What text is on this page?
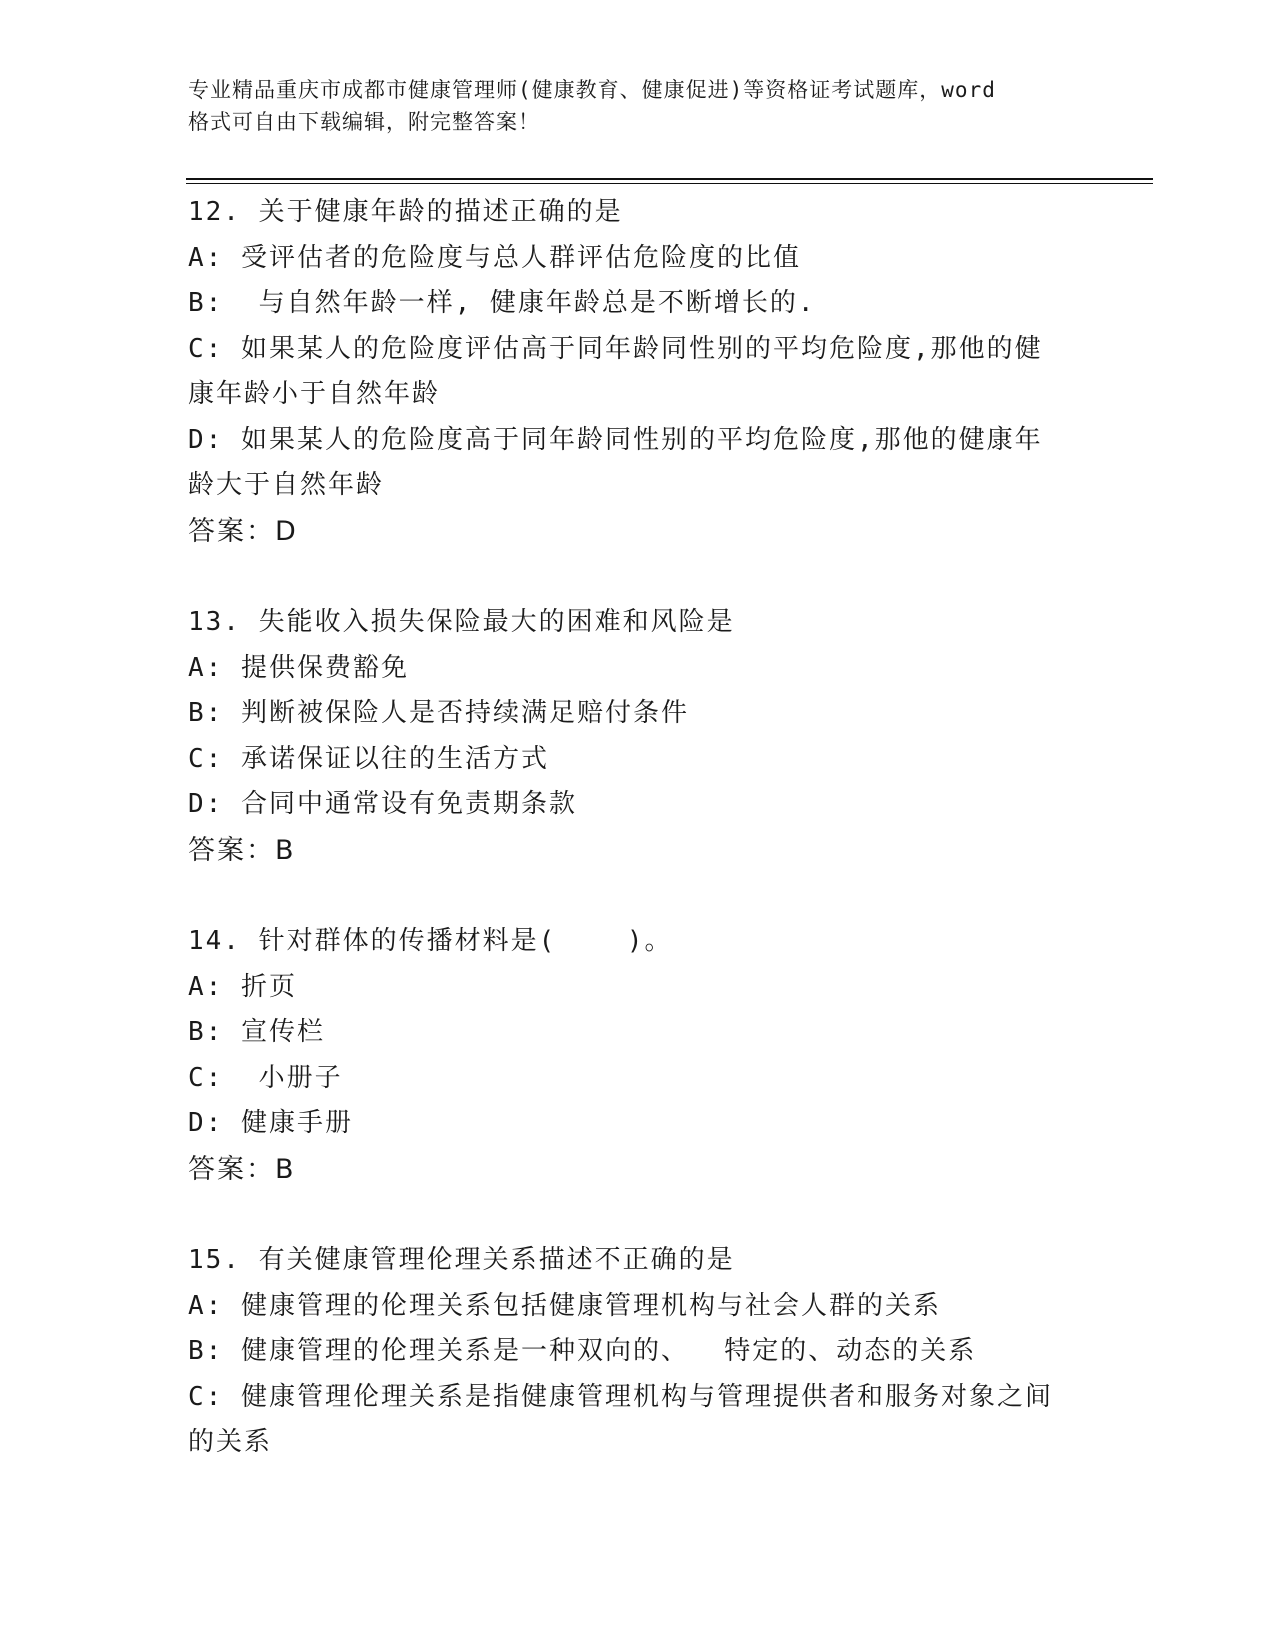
专业精品重庆市成都市健康管理师(健康教育、健康促进)等资格证考试题库，word
格式可自由下载编辑，附完整答案！
12. 关于健康年龄的描述正确的是
A: 受评估者的危险度与总人群评估危险度的比值
B:  与自然年龄一样, 健康年龄总是不断增长的.
C: 如果某人的危险度评估高于同年龄同性别的平均危险度,那他的健
康年龄小于自然年龄
D: 如果某人的危险度高于同年龄同性别的平均危险度,那他的健康年
龄大于自然年龄
答案：D
13. 失能收入损失保险最大的困难和风险是
A: 提供保费豁免
B: 判断被保险人是否持续满足赔付条件
C: 承诺保证以往的生活方式
D: 合同中通常设有免责期条款
答案：B
14. 针对群体的传播材料是(    )。
A: 折页
B: 宣传栏
C:  小册子
D: 健康手册
答案：B
15. 有关健康管理伦理关系描述不正确的是
A: 健康管理的伦理关系包括健康管理机构与社会人群的关系
B: 健康管理的伦理关系是一种双向的、  特定的、动态的关系
C: 健康管理伦理关系是指健康管理机构与管理提供者和服务对象之间
的关系
